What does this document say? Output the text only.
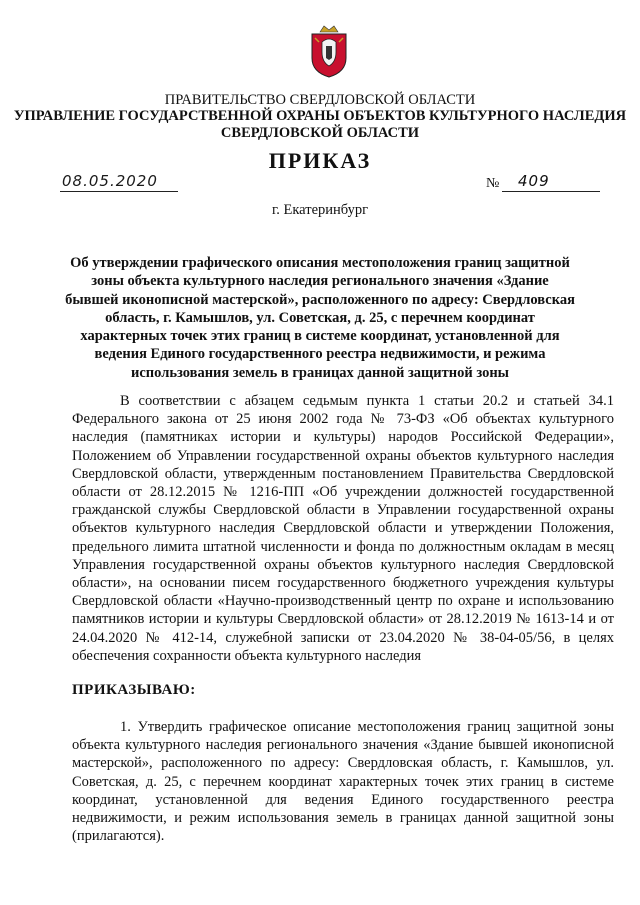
ПРАВИТЕЛЬСТВО СВЕРДЛОВСКОЙ ОБЛАСТИ
УПРАВЛЕНИЕ ГОСУДАРСТВЕННОЙ ОХРАНЫ ОБЪЕКТОВ КУЛЬТУРНОГО НАСЛЕДИЯ
СВЕРДЛОВСКОЙ ОБЛАСТИ
ПРИКАЗ
08.05.2020	№ 409
г. Екатеринбург
Об утверждении графического описания местоположения границ защитной зоны объекта культурного наследия регионального значения «Здание бывшей иконописной мастерской», расположенного по адресу: Свердловская область, г. Камышлов, ул. Советская, д. 25, с перечнем координат характерных точек этих границ в системе координат, установленной для ведения Единого государственного реестра недвижимости, и режима использования земель в границах данной защитной зоны

В соответствии с абзацем седьмым пункта 1 статьи 20.2 и статьей 34.1 Федерального закона от 25 июня 2002 года № 73-ФЗ «Об объектах культурного наследия (памятниках истории и культуры) народов Российской Федерации», Положением об Управлении государственной охраны объектов культурного наследия Свердловской области, утвержденным постановлением Правительства Свердловской области от 28.12.2015 № 1216-ПП «Об учреждении должностей государственной гражданской службы Свердловской области в Управлении государственной охраны объектов культурного наследия Свердловской области и утверждении Положения, предельного лимита штатной численности и фонда по должностным окладам в месяц Управления государственной охраны объектов культурного наследия Свердловской области», на основании писем государственного бюджетного учреждения культуры Свердловской области «Научно-производственный центр по охране и использованию памятников истории и культуры Свердловской области» от 28.12.2019 № 1613-14 и от 24.04.2020 № 412-14, служебной записки от 23.04.2020 № 38-04-05/56, в целях обеспечения сохранности объекта культурного наследия

ПРИКАЗЫВАЮ:

1. Утвердить графическое описание местоположения границ защитной зоны объекта культурного наследия регионального значения «Здание бывшей иконописной мастерской», расположенного по адресу: Свердловская область, г. Камышлов, ул. Советская, д. 25, с перечнем координат характерных точек этих границ в системе координат, установленной для ведения Единого государственного реестра недвижимости, и режим использования земель в границах данной защитной зоны (прилагаются).
